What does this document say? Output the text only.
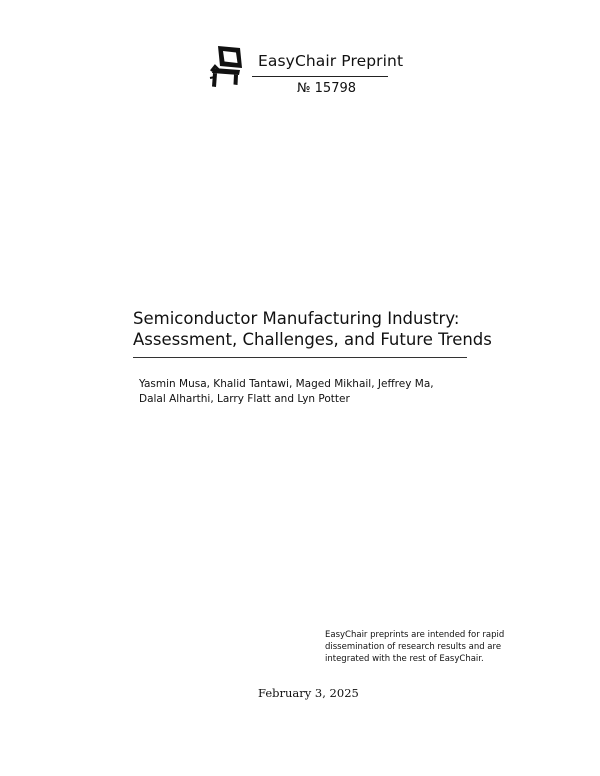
EasyChair Preprint
№ 15798
Semiconductor Manufacturing Industry:
Assessment, Challenges, and Future Trends
Yasmin Musa, Khalid Tantawi, Maged Mikhail, Jeffrey Ma,
Dalal Alharthi, Larry Flatt and Lyn Potter
EasyChair preprints are intended for rapid
dissemination of research results and are
integrated with the rest of EasyChair.
February 3, 2025
